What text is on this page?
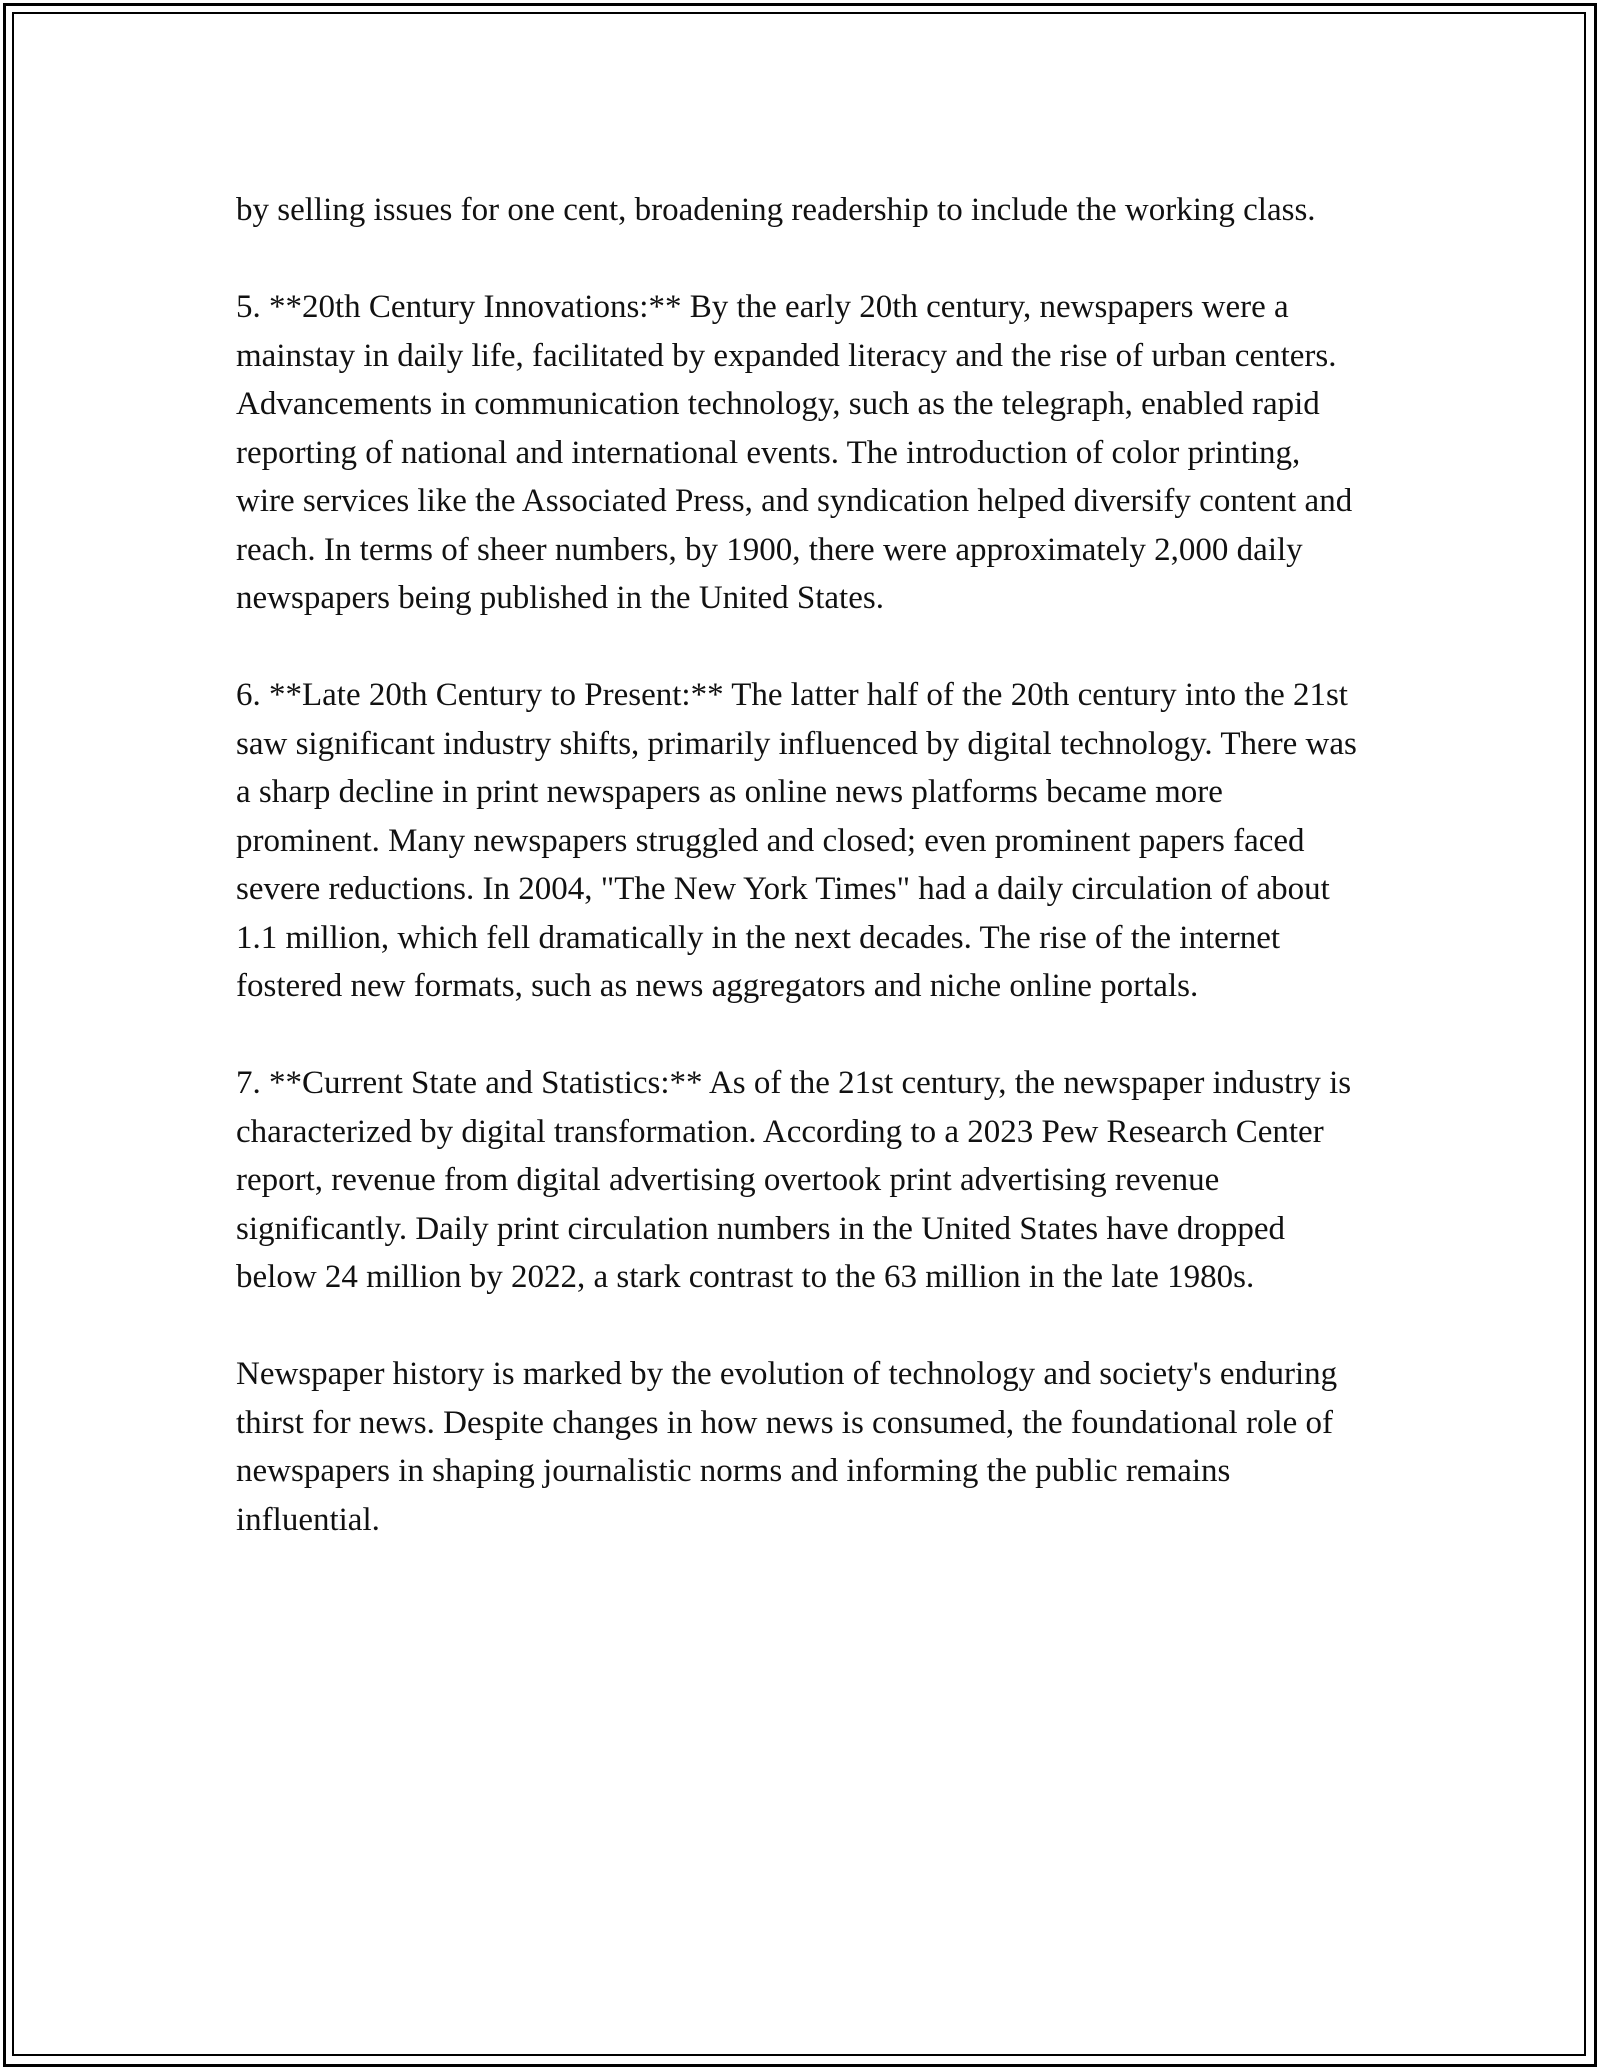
by selling issues for one cent, broadening readership to include the working class.

5. **20th Century Innovations:** By the early 20th century, newspapers were a mainstay in daily life, facilitated by expanded literacy and the rise of urban centers. Advancements in communication technology, such as the telegraph, enabled rapid reporting of national and international events. The introduction of color printing, wire services like the Associated Press, and syndication helped diversify content and reach. In terms of sheer numbers, by 1900, there were approximately 2,000 daily newspapers being published in the United States.

6. **Late 20th Century to Present:** The latter half of the 20th century into the 21st saw significant industry shifts, primarily influenced by digital technology. There was a sharp decline in print newspapers as online news platforms became more prominent. Many newspapers struggled and closed; even prominent papers faced severe reductions. In 2004, "The New York Times" had a daily circulation of about 1.1 million, which fell dramatically in the next decades. The rise of the internet fostered new formats, such as news aggregators and niche online portals.

7. **Current State and Statistics:** As of the 21st century, the newspaper industry is characterized by digital transformation. According to a 2023 Pew Research Center report, revenue from digital advertising overtook print advertising revenue significantly. Daily print circulation numbers in the United States have dropped below 24 million by 2022, a stark contrast to the 63 million in the late 1980s.

Newspaper history is marked by the evolution of technology and society's enduring thirst for news. Despite changes in how news is consumed, the foundational role of newspapers in shaping journalistic norms and informing the public remains influential.
